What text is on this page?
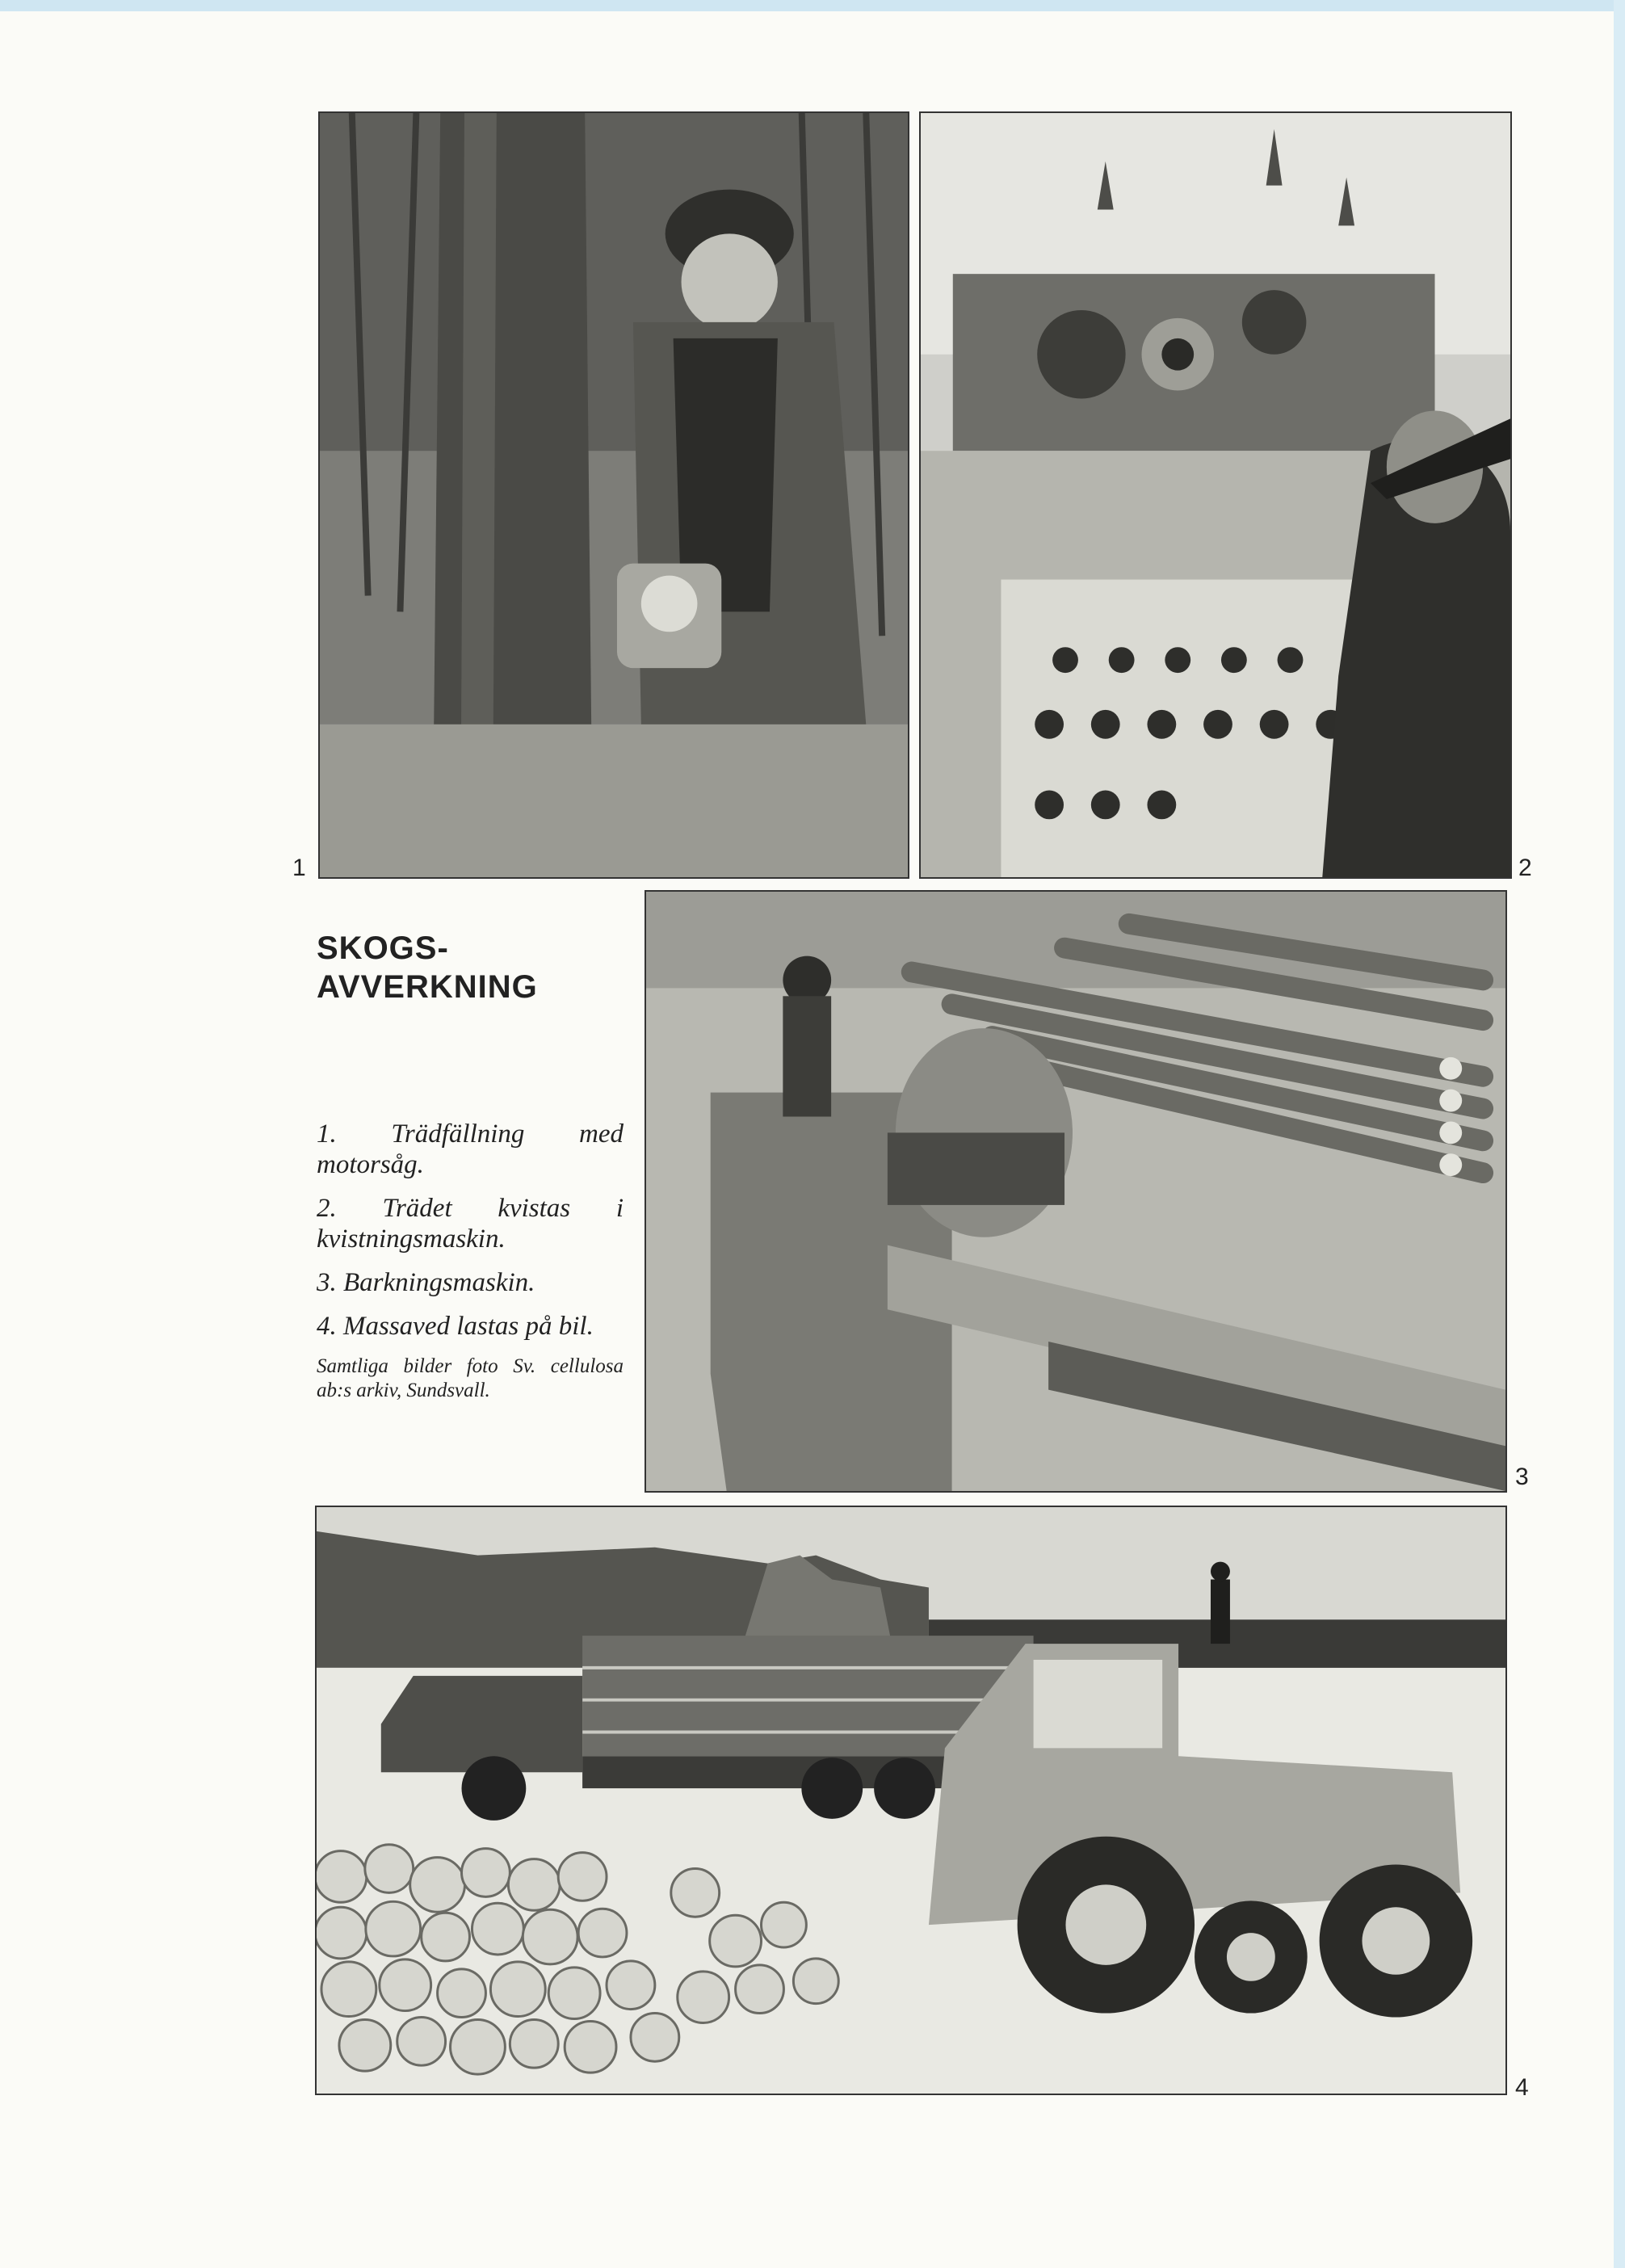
1	2
SKOGS-
AVVERKNING

1. Trädfällning med motorsåg.

2. Trädet kvistas i kvistningsmaskin.

3. Barkningsmaskin.

4. Massaved lastas på bil.

Samtliga bilder foto Sv. cellulosa ab:s arkiv, Sundsvall.
3
4
